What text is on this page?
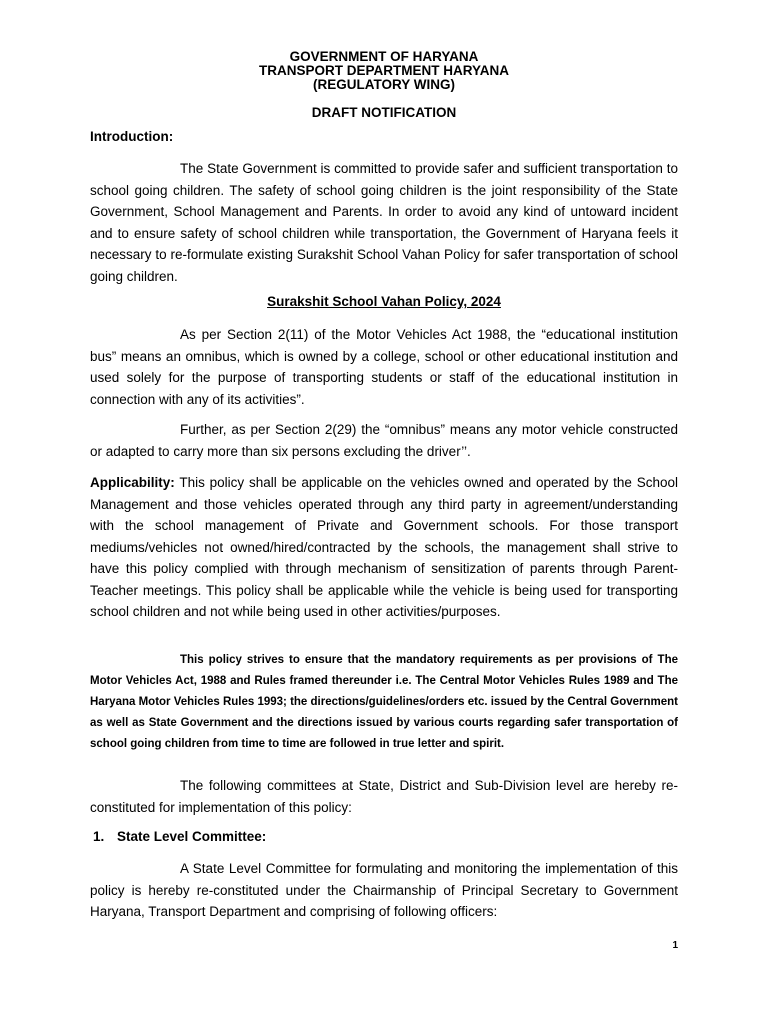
GOVERNMENT OF HARYANA
TRANSPORT DEPARTMENT HARYANA
(REGULATORY WING)
DRAFT NOTIFICATION
Introduction:
The State Government is committed to provide safer and sufficient transportation to school going children. The safety of school going children is the joint responsibility of the State Government, School Management and Parents. In order to avoid any kind of untoward incident and to ensure safety of school children while transportation, the Government of Haryana feels it necessary to re-formulate existing Surakshit School Vahan Policy for safer transportation of school going children.
Surakshit School Vahan Policy, 2024
As per Section 2(11) of the Motor Vehicles Act 1988, the “educational institution bus” means an omnibus, which is owned by a college, school or other educational institution and used solely for the purpose of transporting students or staff of the educational institution in connection with any of its activities”.
Further, as per Section 2(29) the “omnibus” means any motor vehicle constructed or adapted to carry more than six persons excluding the driver’’.
Applicability: This policy shall be applicable on the vehicles owned and operated by the School Management and those vehicles operated through any third party in agreement/understanding with the school management of Private and Government schools. For those transport mediums/vehicles not owned/hired/contracted by the schools, the management shall strive to have this policy complied with through mechanism of sensitization of parents through Parent-Teacher meetings. This policy shall be applicable while the vehicle is being used for transporting school children and not while being used in other activities/purposes.
This policy strives to ensure that the mandatory requirements as per provisions of The Motor Vehicles Act, 1988 and Rules framed thereunder i.e. The Central Motor Vehicles Rules 1989 and The Haryana Motor Vehicles Rules 1993; the directions/guidelines/orders etc. issued by the Central Government as well as State Government and the directions issued by various courts regarding safer transportation of school going children from time to time are followed in true letter and spirit.
The following committees at State, District and Sub-Division level are hereby re-constituted for implementation of this policy:
1. State Level Committee:
A State Level Committee for formulating and monitoring the implementation of this policy is hereby re-constituted under the Chairmanship of Principal Secretary to Government Haryana, Transport Department and comprising of following officers:
1
